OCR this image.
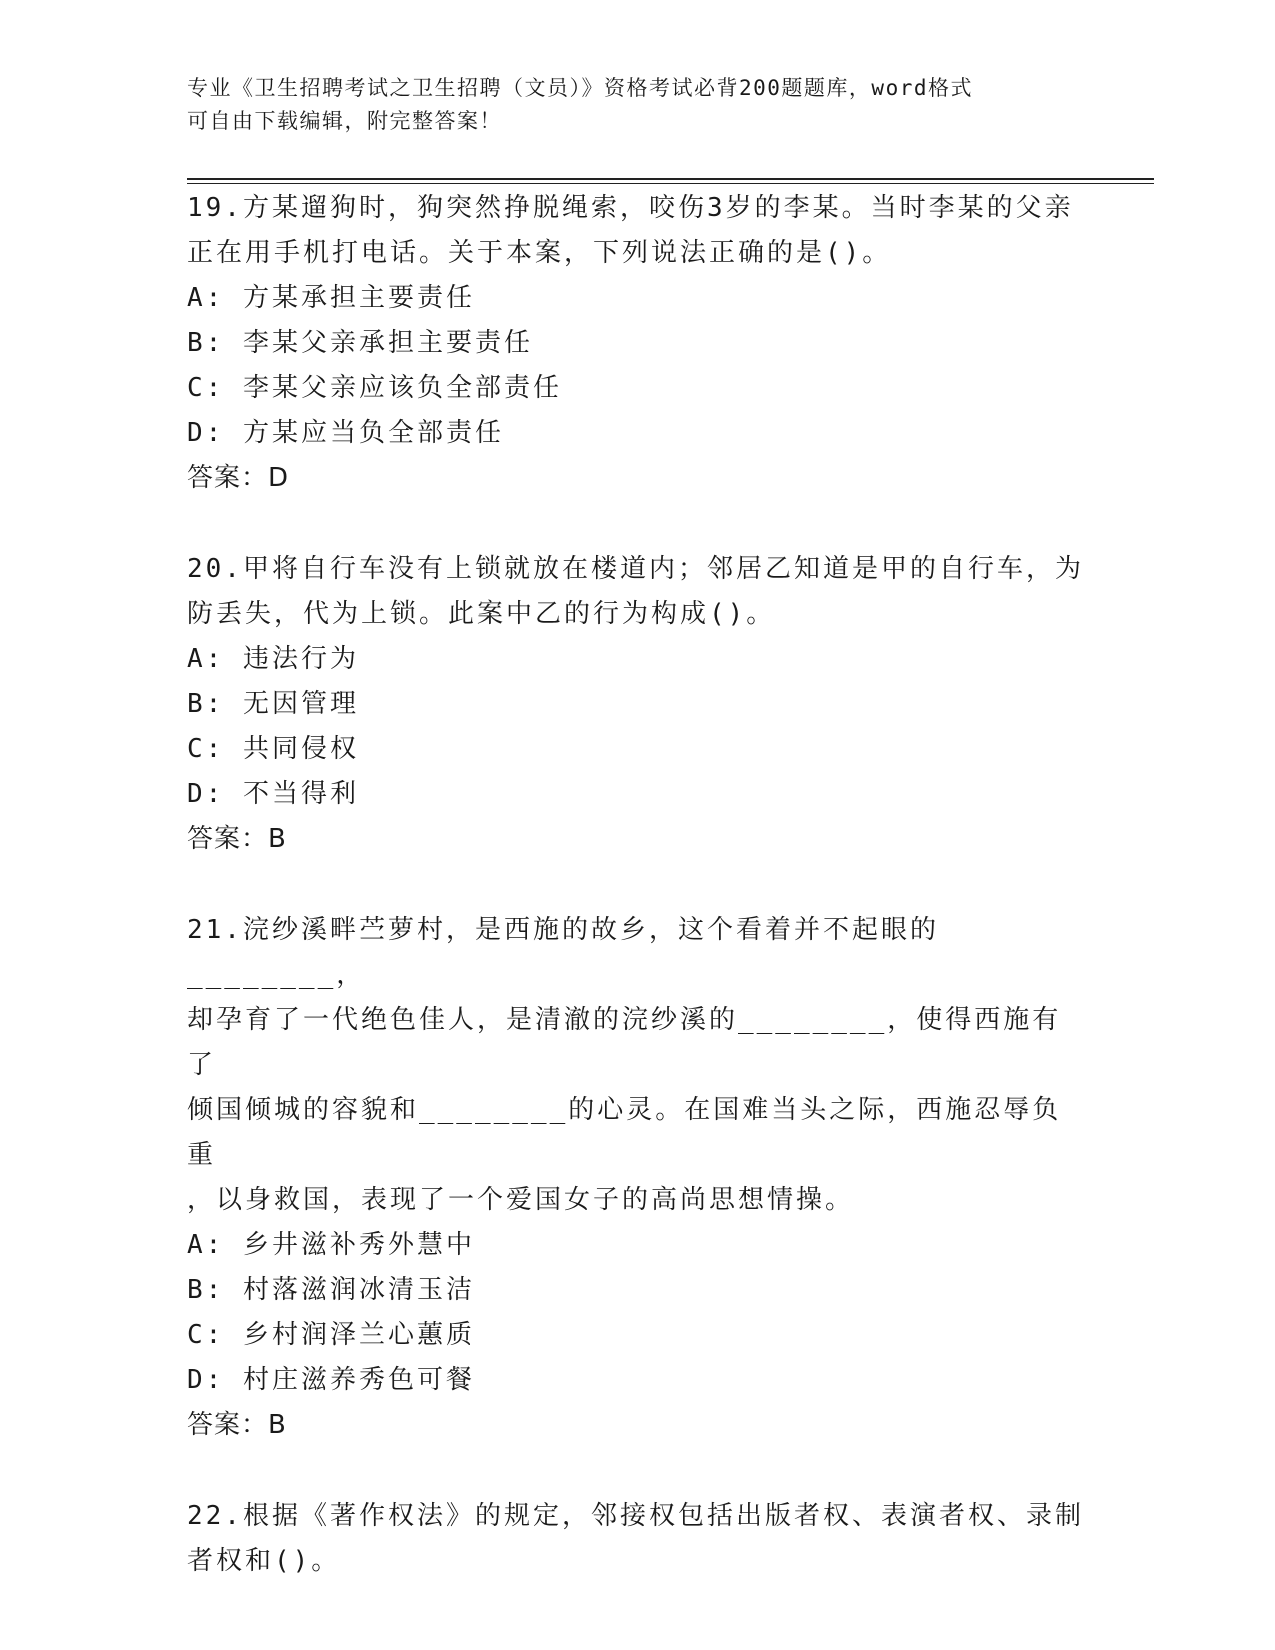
专业《卫生招聘考试之卫生招聘（文员）》资格考试必背200题题库，word格式
可自由下载编辑，附完整答案！

19.方某遛狗时，狗突然挣脱绳索，咬伤3岁的李某。当时李某的父亲

正在用手机打电话。关于本案，下列说法正确的是()。

A: 方某承担主要责任

B: 李某父亲承担主要责任

C: 李某父亲应该负全部责任

D: 方某应当负全部责任

答案：D

20.甲将自行车没有上锁就放在楼道内；邻居乙知道是甲的自行车，为

防丢失，代为上锁。此案中乙的行为构成()。

A: 违法行为

B: 无因管理

C: 共同侵权

D: 不当得利

答案：B

21.浣纱溪畔苎萝村，是西施的故乡，这个看着并不起眼的________，

却孕育了一代绝色佳人，是清澈的浣纱溪的________，使得西施有了

倾国倾城的容貌和________的心灵。在国难当头之际，西施忍辱负重

，以身救国，表现了一个爱国女子的高尚思想情操。

A: 乡井滋补秀外慧中

B: 村落滋润冰清玉洁

C: 乡村润泽兰心蕙质

D: 村庄滋养秀色可餐

答案：B

22.根据《著作权法》的规定，邻接权包括出版者权、表演者权、录制

者权和()。
